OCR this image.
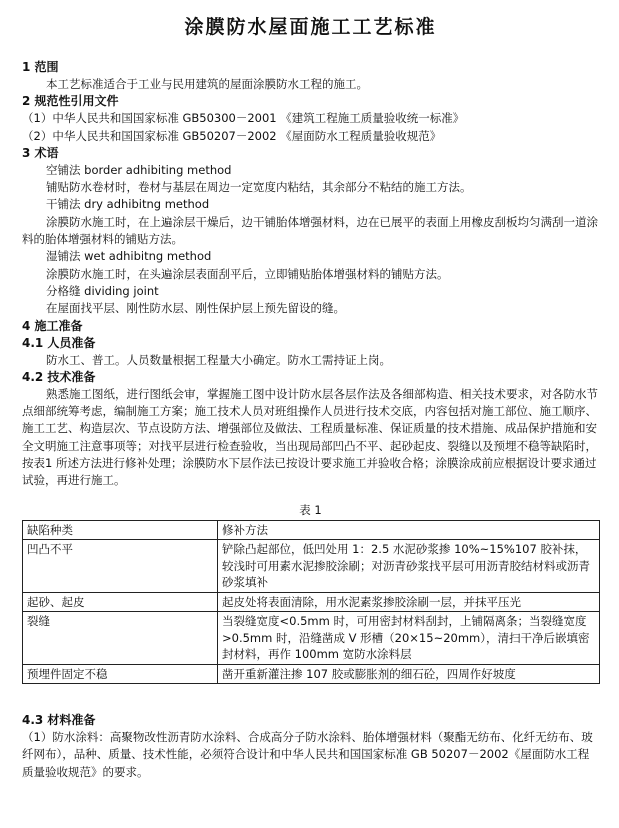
涂膜防水屋面施工工艺标准
1 范围
本工艺标准适合于工业与民用建筑的屋面涂膜防水工程的施工。
2 规范性引用文件
（1）中华人民共和国国家标准 GB50300－2001 《建筑工程施工质量验收统一标准》
（2）中华人民共和国国家标准 GB50207－2002 《屋面防水工程质量验收规范》
3 术语
空铺法 border adhibiting method
铺贴防水卷材时，卷材与基层在周边一定宽度内粘结，其余部分不粘结的施工方法。
干铺法 dry adhibitng method
涂膜防水施工时，在上遍涂层干燥后，边干铺胎体增强材料，边在已展平的表面上用橡皮刮板均匀满刮一道涂料的胎体增强材料的铺贴方法。
湿铺法 wet adhibitng method
涂膜防水施工时，在头遍涂层表面刮平后，立即铺贴胎体增强材料的铺贴方法。
分格缝 dividing joint
在屋面找平层、刚性防水层、刚性保护层上预先留设的缝。
4 施工准备
4.1 人员准备
防水工、普工。人员数量根据工程量大小确定。防水工需持证上岗。
4.2 技术准备
熟悉施工图纸，进行图纸会审，掌握施工图中设计防水层各层作法及各细部构造、相关技术要求，对各防水节点细部统筹考虑，编制施工方案；施工技术人员对班组操作人员进行技术交底，内容包括对施工部位、施工顺序、施工工艺、构造层次、节点设防方法、增强部位及做法、工程质量标准、保证质量的技术措施、成品保护措施和安全文明施工注意事项等；对找平层进行检查验收，当出现局部凹凸不平、起砂起皮、裂缝以及预埋不稳等缺陷时，按表1 所述方法进行修补处理；涂膜防水下层作法已按设计要求施工并验收合格；涂膜涂成前应根据设计要求通过试验，再进行施工。
表 1
缺陷种类	修补方法
凹凸不平	铲除凸起部位，低凹处用 1：2.5 水泥砂浆掺 10%~15%107 胶补抹，较浅时可用素水泥掺胶涂刷；对沥青砂浆找平层可用沥青胶结材料或沥青砂浆填补
起砂、起皮	起皮处将表面清除，用水泥素浆掺胶涂刷一层，并抹平压光
裂缝	当裂缝宽度<0.5mm 时，可用密封材料刮封，上铺隔离条；当裂缝宽度>0.5mm 时，沿缝凿成 V 形槽（20×15~20mm），清扫干净后嵌填密封材料，再作 100mm 宽防水涂料层
预埋件固定不稳	凿开重新灌注掺 107 胶或膨胀剂的细石砼，四周作好坡度
4.3 材料准备
（1）防水涂料：高聚物改性沥青防水涂料、合成高分子防水涂料、胎体增强材料（聚酯无纺布、化纤无纺布、玻纤网布），品种、质量、技术性能，必须符合设计和中华人民共和国国家标准 GB 50207－2002《屋面防水工程质量验收规范》的要求。
